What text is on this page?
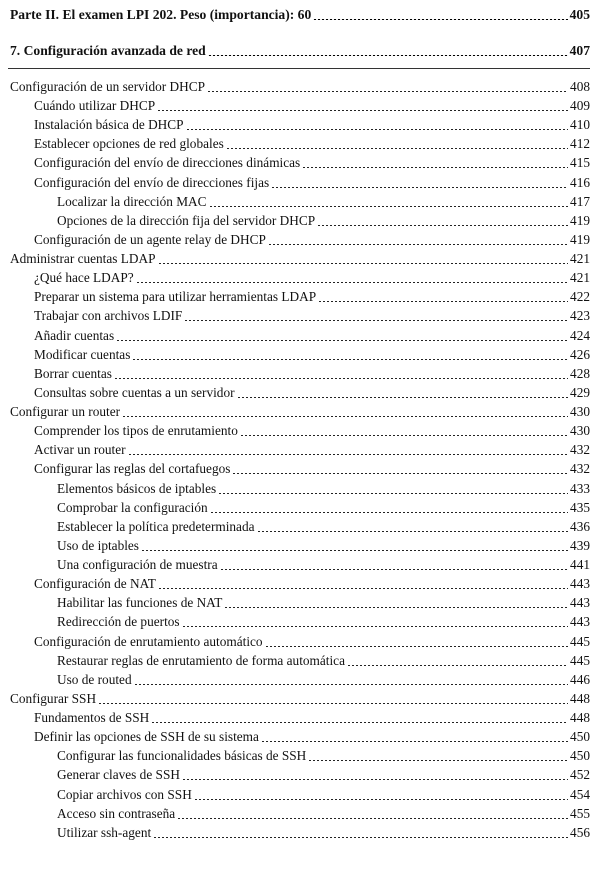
Parte II. El examen LPI 202. Peso (importancia): 60	405
7. Configuración avanzada de red	407
Configuración de un servidor DHCP	408
Cuándo utilizar DHCP	409
Instalación básica de DHCP	410
Establecer opciones de red globales	412
Configuración del envío de direcciones dinámicas	415
Configuración del envío de direcciones fijas	416
Localizar la dirección MAC	417
Opciones de la dirección fija del servidor DHCP	419
Configuración de un agente relay de DHCP	419
Administrar cuentas LDAP	421
¿Qué hace LDAP?	421
Preparar un sistema para utilizar herramientas LDAP	422
Trabajar con archivos LDIF	423
Añadir cuentas	424
Modificar cuentas	426
Borrar cuentas	428
Consultas sobre cuentas a un servidor	429
Configurar un router	430
Comprender los tipos de enrutamiento	430
Activar un router	432
Configurar las reglas del cortafuegos	432
Elementos básicos de iptables	433
Comprobar la configuración	435
Establecer la política predeterminada	436
Uso de iptables	439
Una configuración de muestra	441
Configuración de NAT	443
Habilitar las funciones de NAT	443
Redirección de puertos	443
Configuración de enrutamiento automático	445
Restaurar reglas de enrutamiento de forma automática	445
Uso de routed	446
Configurar SSH	448
Fundamentos de SSH	448
Definir las opciones de SSH de su sistema	450
Configurar las funcionalidades básicas de SSH	450
Generar claves de SSH	452
Copiar archivos con SSH	454
Acceso sin contraseña	455
Utilizar ssh-agent	456
